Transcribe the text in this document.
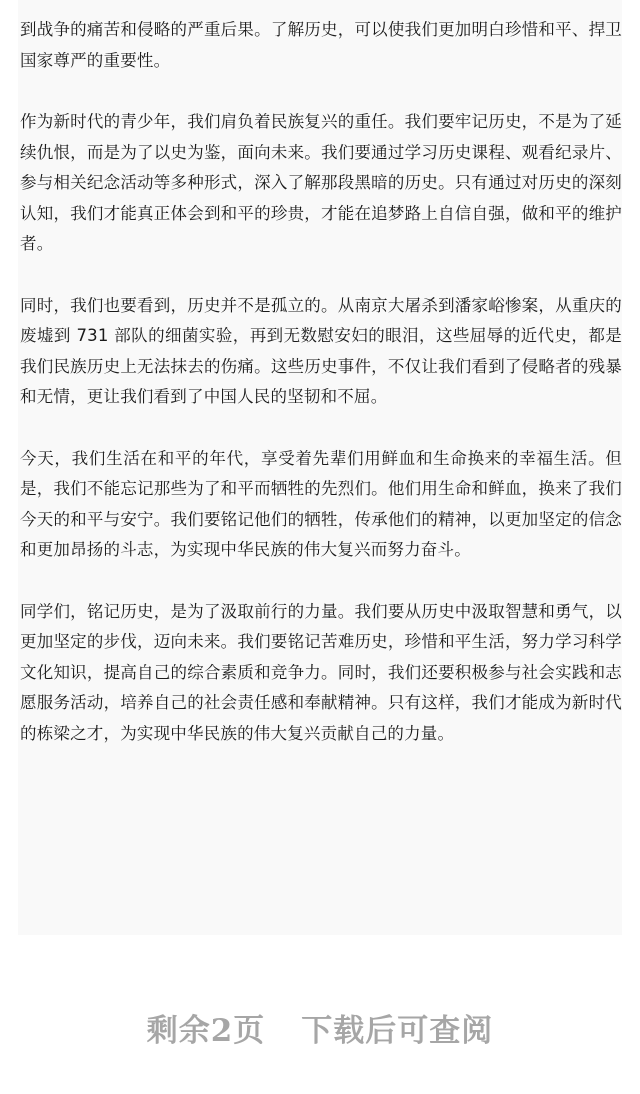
到战争的痛苦和侵略的严重后果。了解历史，可以使我们更加明白珍惜和平、捍卫国家尊严的重要性。

作为新时代的青少年，我们肩负着民族复兴的重任。我们要牢记历史，不是为了延续仇恨，而是为了以史为鉴，面向未来。我们要通过学习历史课程、观看纪录片、参与相关纪念活动等多种形式，深入了解那段黑暗的历史。只有通过对历史的深刻认知，我们才能真正体会到和平的珍贵，才能在追梦路上自信自强，做和平的维护者。

同时，我们也要看到，历史并不是孤立的。从南京大屠杀到潘家峪惨案，从重庆的废墟到 731 部队的细菌实验，再到无数慰安妇的眼泪，这些屈辱的近代史，都是我们民族历史上无法抹去的伤痛。这些历史事件，不仅让我们看到了侵略者的残暴和无情，更让我们看到了中国人民的坚韧和不屈。

今天，我们生活在和平的年代，享受着先辈们用鲜血和生命换来的幸福生活。但是，我们不能忘记那些为了和平而牺牲的先烈们。他们用生命和鲜血，换来了我们今天的和平与安宁。我们要铭记他们的牺牲，传承他们的精神，以更加坚定的信念和更加昂扬的斗志，为实现中华民族的伟大复兴而努力奋斗。

同学们，铭记历史，是为了汲取前行的力量。我们要从历史中汲取智慧和勇气，以更加坚定的步伐，迈向未来。我们要铭记苦难历史，珍惜和平生活，努力学习科学文化知识，提高自己的综合素质和竞争力。同时，我们还要积极参与社会实践和志愿服务活动，培养自己的社会责任感和奉献精神。只有这样，我们才能成为新时代的栋梁之才，为实现中华民族的伟大复兴贡献自己的力量。

剩余2页 下载后可查阅
